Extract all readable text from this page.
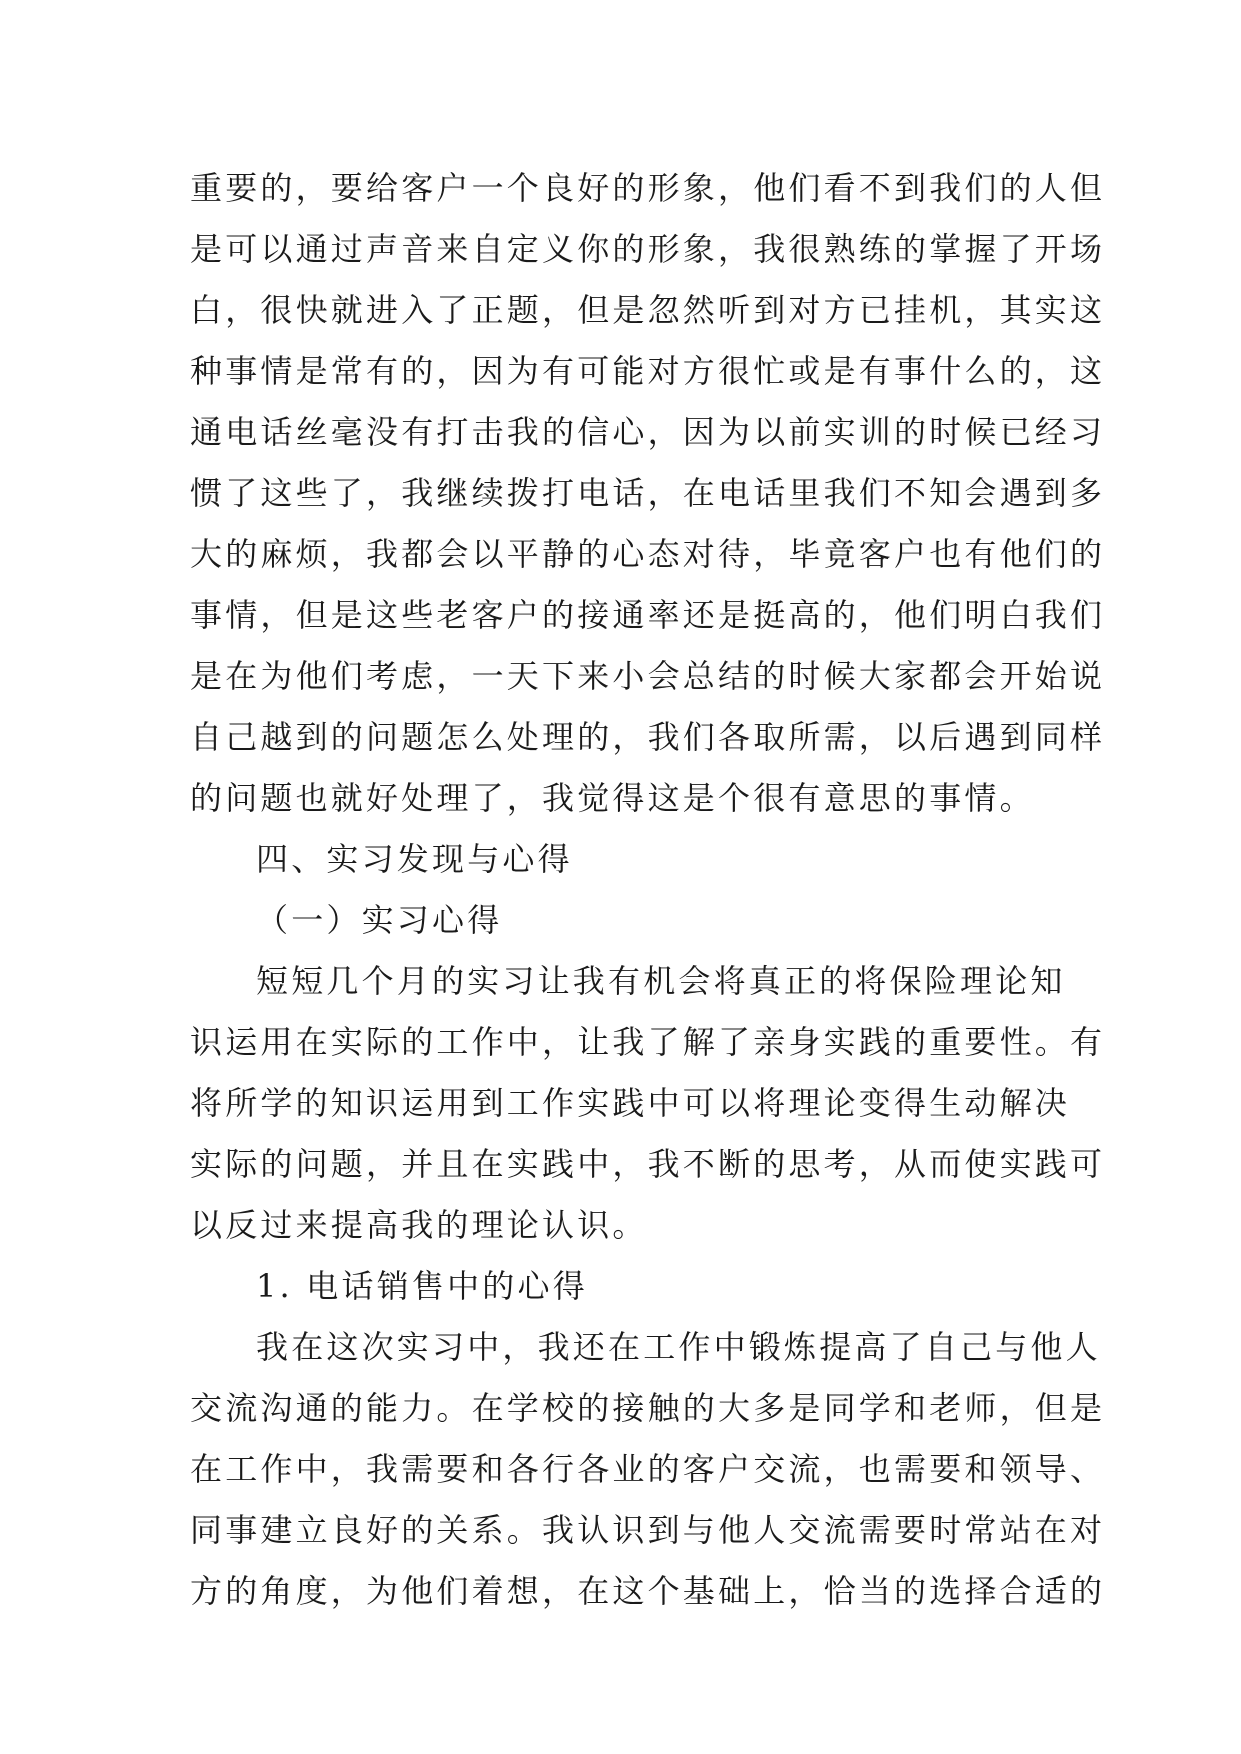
重要的，要给客户一个良好的形象，他们看不到我们的人但
是可以通过声音来自定义你的形象，我很熟练的掌握了开场
白，很快就进入了正题，但是忽然听到对方已挂机，其实这
种事情是常有的，因为有可能对方很忙或是有事什么的，这
通电话丝毫没有打击我的信心，因为以前实训的时候已经习
惯了这些了，我继续拨打电话，在电话里我们不知会遇到多
大的麻烦，我都会以平静的心态对待，毕竟客户也有他们的
事情，但是这些老客户的接通率还是挺高的，他们明白我们
是在为他们考虑，一天下来小会总结的时候大家都会开始说
自己越到的问题怎么处理的，我们各取所需，以后遇到同样
的问题也就好处理了，我觉得这是个很有意思的事情。
四、实习发现与心得
（一）实习心得
短短几个月的实习让我有机会将真正的将保险理论知
识运用在实际的工作中，让我了解了亲身实践的重要性。有
将所学的知识运用到工作实践中可以将理论变得生动解决
实际的问题，并且在实践中，我不断的思考，从而使实践可
以反过来提高我的理论认识。
1. 电话销售中的心得
我在这次实习中，我还在工作中锻炼提高了自己与他人
交流沟通的能力。在学校的接触的大多是同学和老师，但是
在工作中，我需要和各行各业的客户交流，也需要和领导、
同事建立良好的关系。我认识到与他人交流需要时常站在对
方的角度，为他们着想，在这个基础上，恰当的选择合适的
